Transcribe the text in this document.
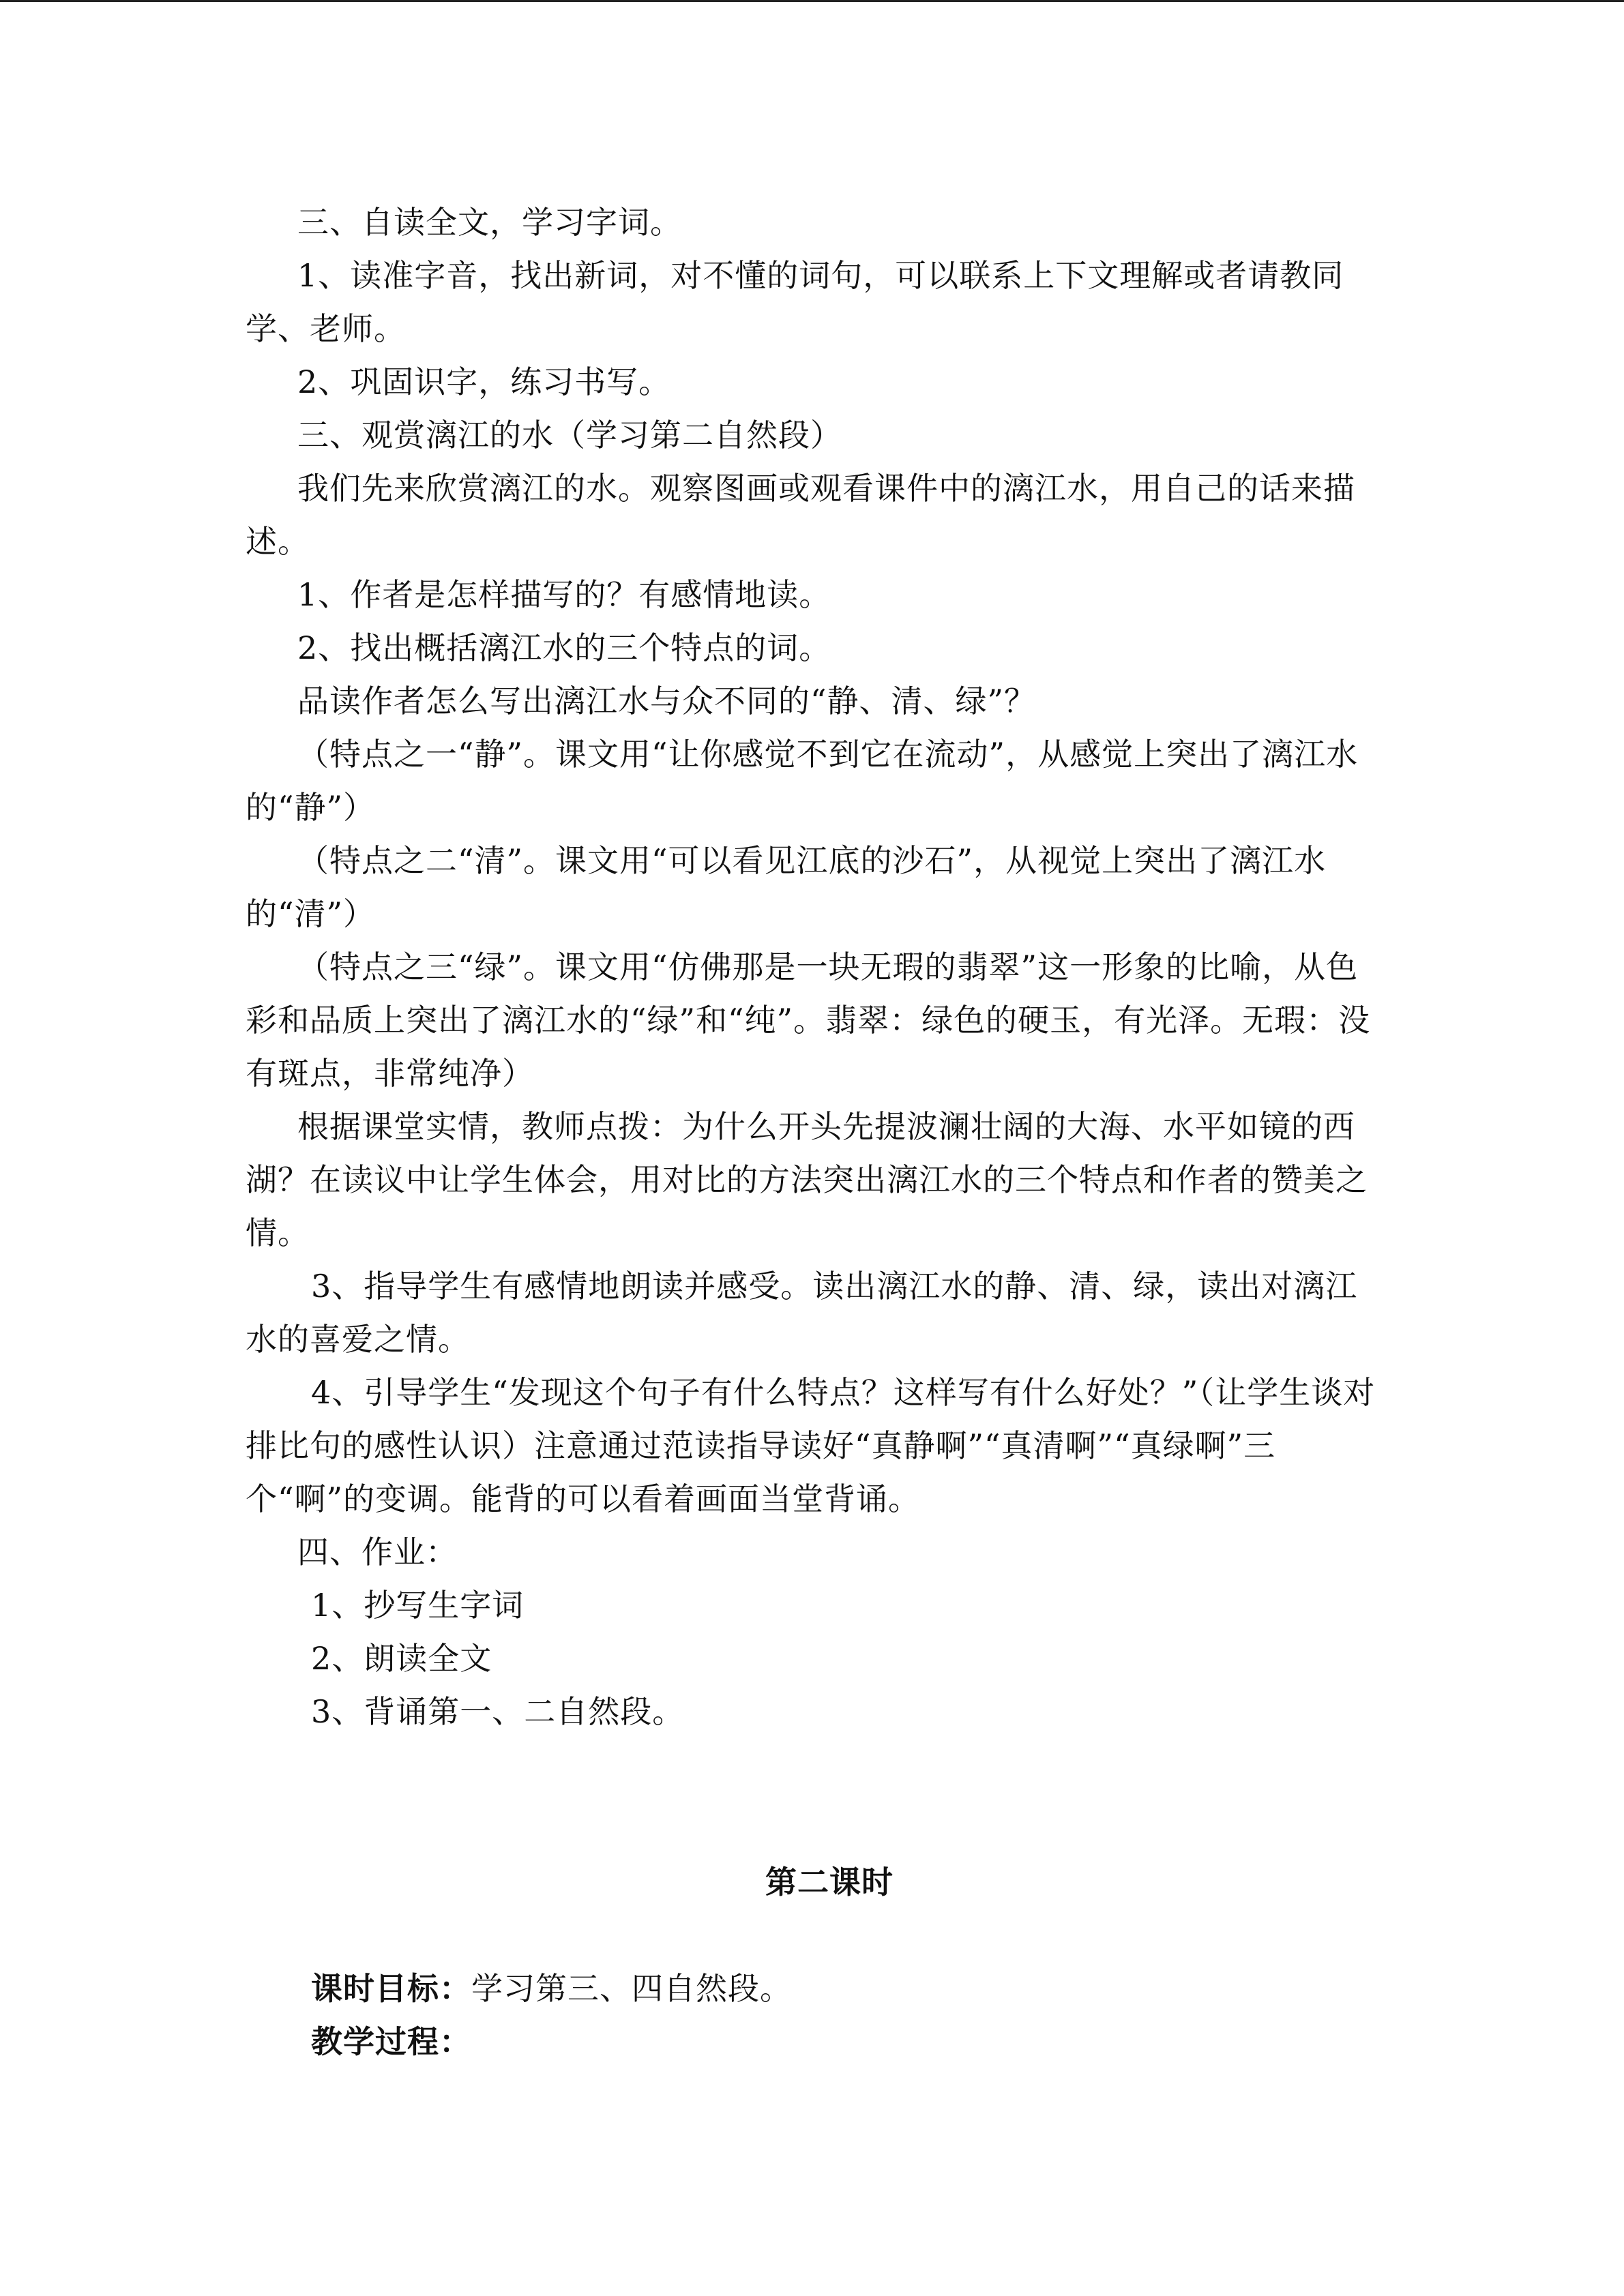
三、自读全文，学习字词。

1、读准字音，找出新词，对不懂的词句，可以联系上下文理解或者请教同学、老师。

2、巩固识字，练习书写。

三、观赏漓江的水（学习第二自然段）

我们先来欣赏漓江的水。观察图画或观看课件中的漓江水，用自己的话来描述。

1、作者是怎样描写的？有感情地读。

2、找出概括漓江水的三个特点的词。

品读作者怎么写出漓江水与众不同的“静、清、绿”？

（特点之一“静”。课文用“让你感觉不到它在流动”，从感觉上突出了漓江水的“静”）

（特点之二“清”。课文用“可以看见江底的沙石”，从视觉上突出了漓江水的“清”）

（特点之三“绿”。课文用“仿佛那是一块无瑕的翡翠”这一形象的比喻，从色彩和品质上突出了漓江水的“绿”和“纯”。翡翠：绿色的硬玉，有光泽。无瑕：没有斑点，非常纯净）

根据课堂实情，教师点拨：为什么开头先提波澜壮阔的大海、水平如镜的西湖？在读议中让学生体会，用对比的方法突出漓江水的三个特点和作者的赞美之情。

3、指导学生有感情地朗读并感受。读出漓江水的静、清、绿，读出对漓江水的喜爱之情。

4、引导学生“发现这个句子有什么特点？这样写有什么好处？”（让学生谈对排比句的感性认识）注意通过范读指导读好“真静啊”“真清啊”“真绿啊”三个“啊”的变调。能背的可以看着画面当堂背诵。

四、作业：

1、抄写生字词

2、朗读全文

3、背诵第一、二自然段。

第二课时

课时目标：学习第三、四自然段。

教学过程：
